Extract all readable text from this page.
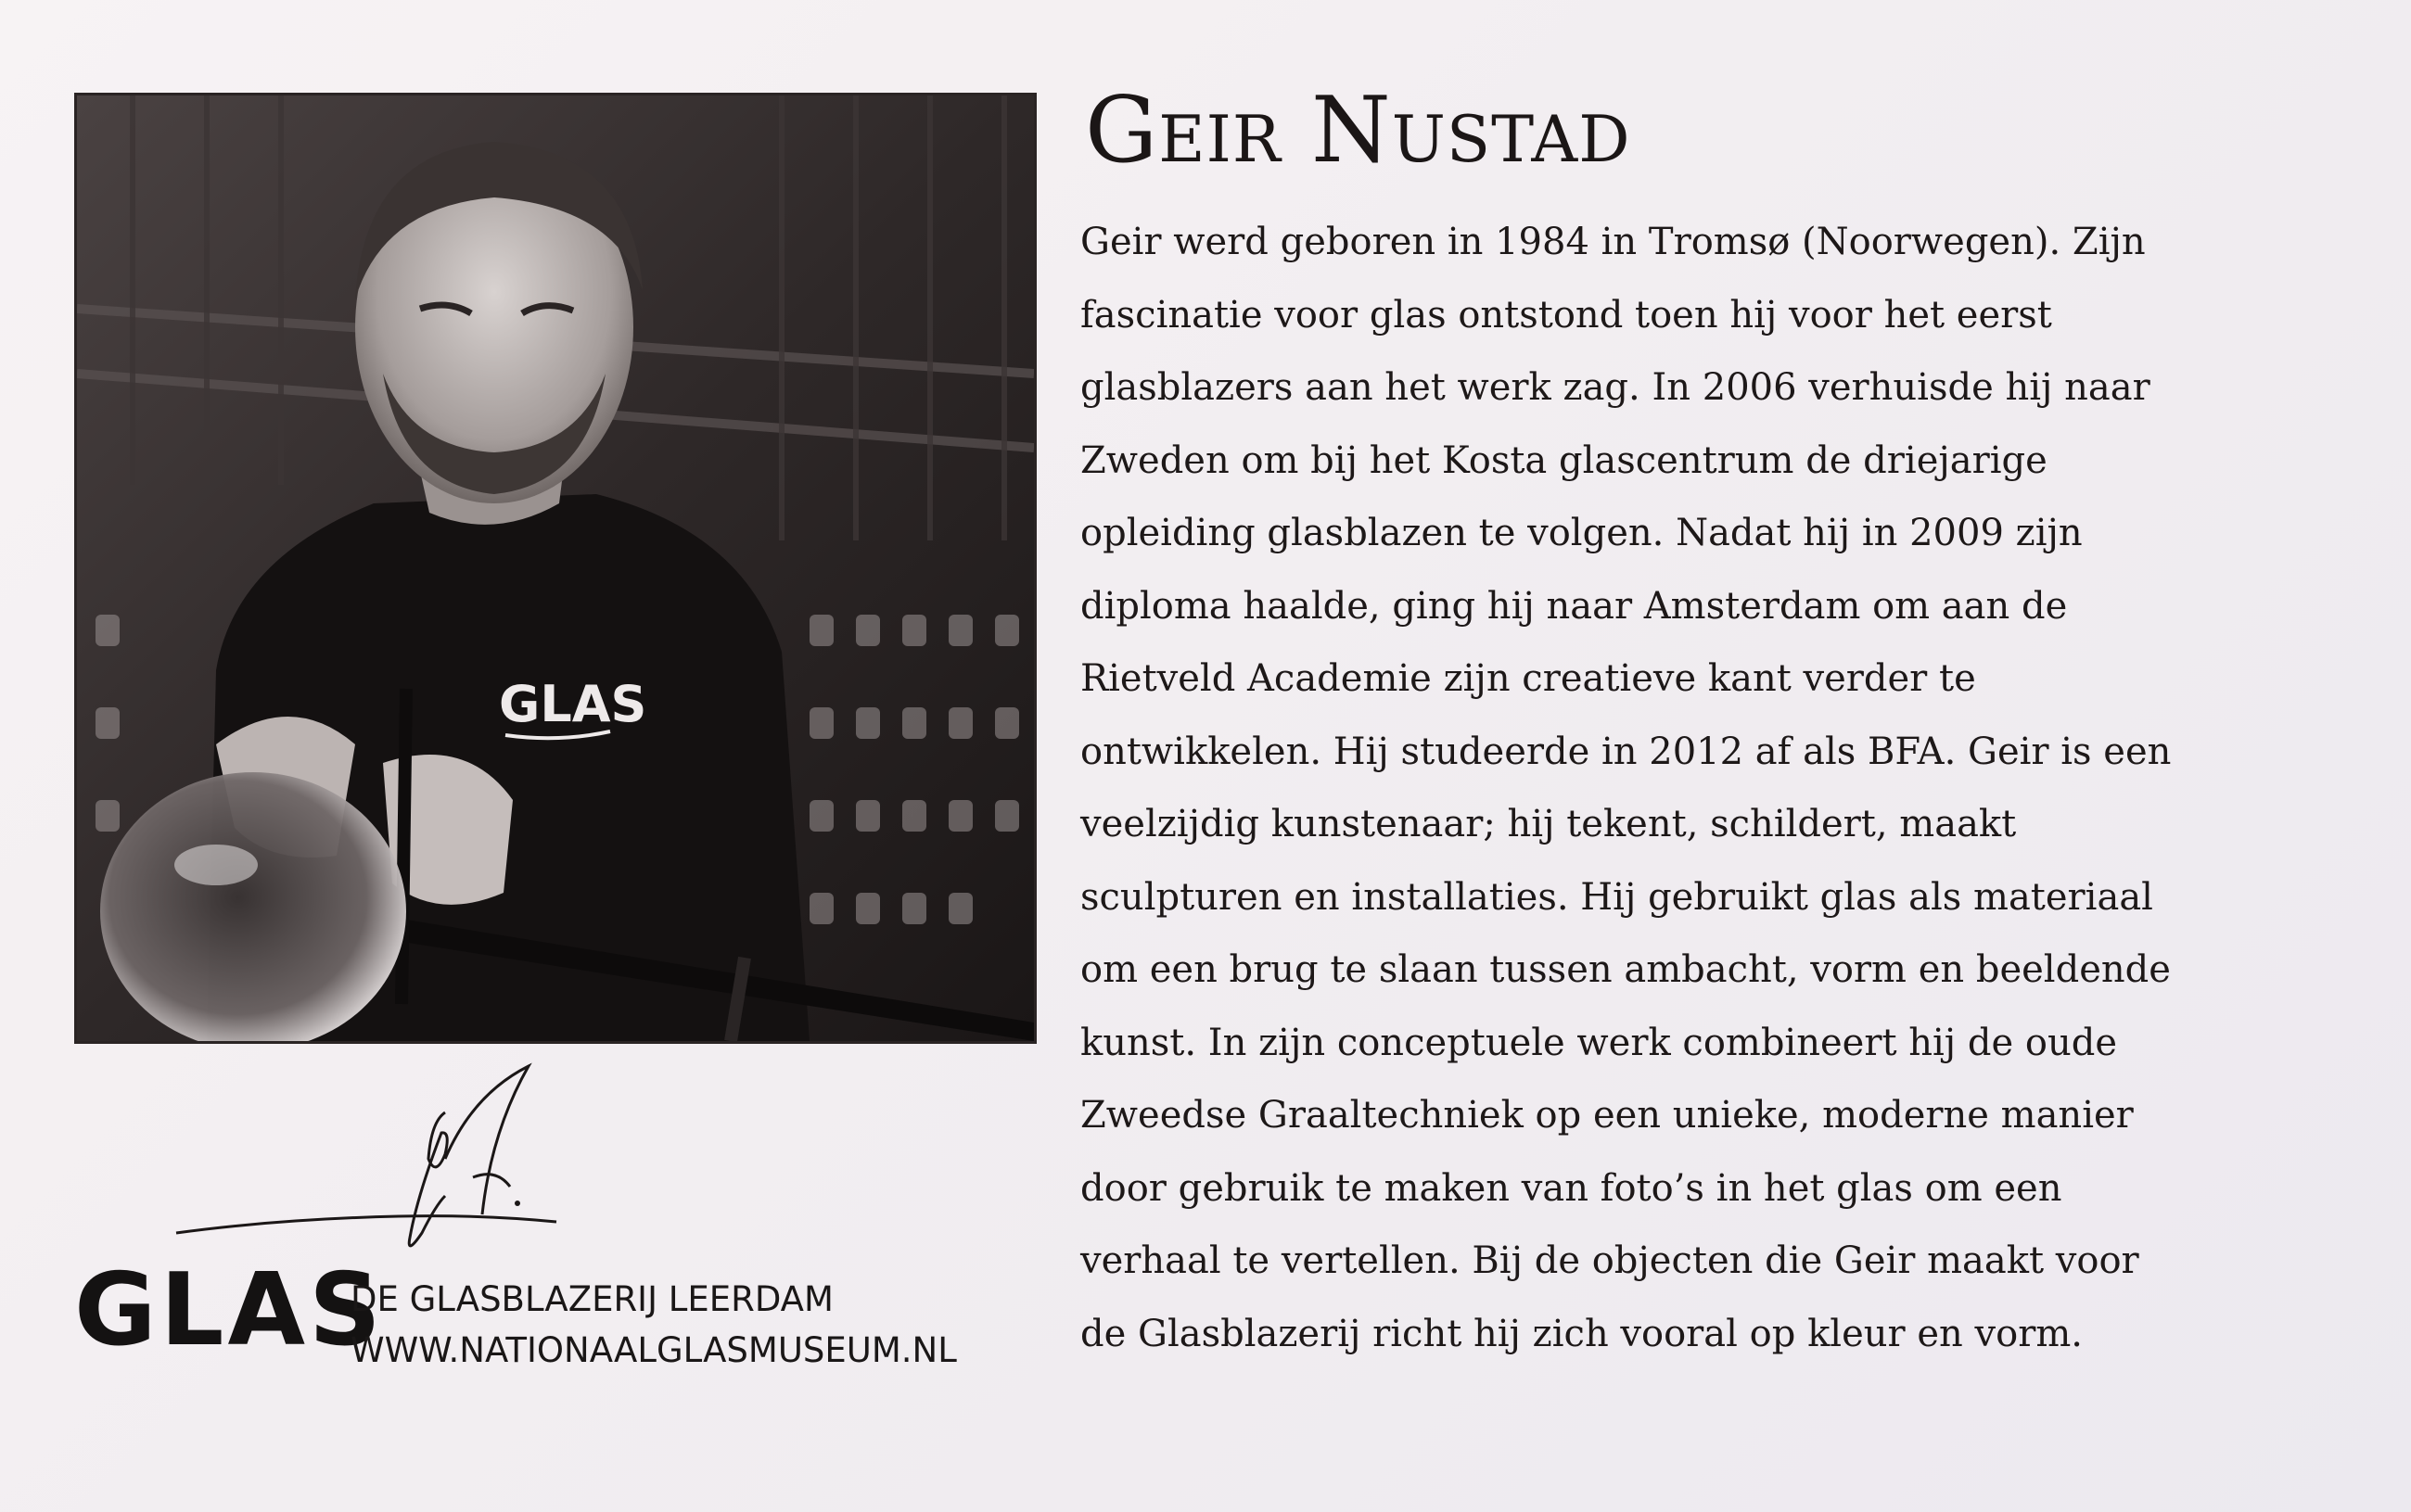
GLAS
GLAS
DE GLASBLAZERIJ LEERDAM
WWW.NATIONAALGLASMUSEUM.NL
Geir Nustad
Geir werd geboren in 1984 in Tromsø (Noorwegen). Zijn
fascinatie voor glas ontstond toen hij voor het eerst
glasblazers aan het werk zag. In 2006 verhuisde hij naar
Zweden om bij het Kosta glascentrum de driejarige
opleiding glasblazen te volgen. Nadat hij in 2009 zijn
diploma haalde, ging hij naar Amsterdam om aan de
Rietveld Academie zijn creatieve kant verder te
ontwikkelen. Hij studeerde in 2012 af als BFA. Geir is een
veelzijdig kunstenaar; hij tekent, schildert, maakt
sculpturen en installaties. Hij gebruikt glas als materiaal
om een brug te slaan tussen ambacht, vorm en beeldende
kunst. In zijn conceptuele werk combineert hij de oude
Zweedse Graaltechniek op een unieke, moderne manier
door gebruik te maken van foto’s in het glas om een
verhaal te vertellen. Bij de objecten die Geir maakt voor
de Glasblazerij richt hij zich vooral op kleur en vorm.
